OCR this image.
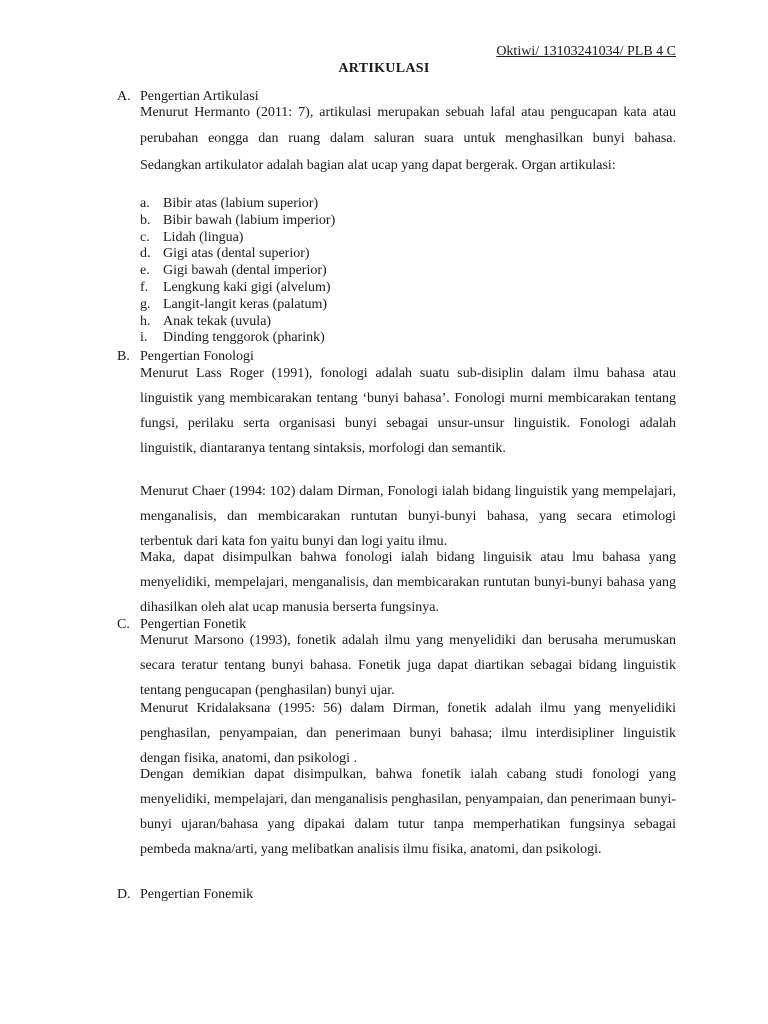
Oktiwi/ 13103241034/ PLB 4 C
ARTIKULASI
A. Pengertian Artikulasi
Menurut Hermanto (2011: 7), artikulasi merupakan sebuah lafal atau pengucapan kata atau perubahan eongga dan ruang dalam saluran suara untuk menghasilkan bunyi bahasa. Sedangkan artikulator adalah bagian alat ucap yang dapat bergerak. Organ artikulasi:
a. Bibir atas (labium superior)
b. Bibir bawah (labium imperior)
c. Lidah (lingua)
d. Gigi atas (dental superior)
e. Gigi bawah (dental imperior)
f. Lengkung kaki gigi (alvelum)
g. Langit-langit keras (palatum)
h. Anak tekak (uvula)
i. Dinding tenggorok (pharink)
B. Pengertian Fonologi
Menurut Lass Roger (1991), fonologi adalah suatu sub-disiplin dalam ilmu bahasa atau linguistik yang membicarakan tentang ‘bunyi bahasa’. Fonologi murni membicarakan tentang fungsi, perilaku serta organisasi bunyi sebagai unsur-unsur linguistik. Fonologi adalah linguistik, diantaranya tentang sintaksis, morfologi dan semantik.
Menurut Chaer (1994: 102) dalam Dirman, Fonologi ialah bidang linguistik yang mempelajari, menganalisis, dan membicarakan runtutan bunyi-bunyi bahasa, yang secara etimologi terbentuk dari kata fon yaitu bunyi dan logi yaitu ilmu.
Maka, dapat disimpulkan bahwa fonologi ialah bidang linguisik atau lmu bahasa yang menyelidiki, mempelajari, menganalisis, dan membicarakan runtutan bunyi-bunyi bahasa yang dihasilkan oleh alat ucap manusia berserta fungsinya.
C. Pengertian Fonetik
Menurut Marsono (1993), fonetik adalah ilmu yang menyelidiki dan berusaha merumuskan secara teratur tentang bunyi bahasa. Fonetik juga dapat diartikan sebagai bidang linguistik tentang pengucapan (penghasilan) bunyi ujar.
Menurut Kridalaksana (1995: 56) dalam Dirman, fonetik adalah ilmu yang menyelidiki penghasilan, penyampaian, dan penerimaan bunyi bahasa; ilmu interdisipliner linguistik dengan fisika, anatomi, dan psikologi .
Dengan demikian dapat disimpulkan, bahwa fonetik ialah cabang studi fonologi yang menyelidiki, mempelajari, dan menganalisis penghasilan, penyampaian, dan penerimaan bunyi-bunyi ujaran/bahasa yang dipakai dalam tutur tanpa memperhatikan fungsinya sebagai pembeda makna/arti, yang melibatkan analisis ilmu fisika, anatomi, dan psikologi.
D. Pengertian Fonemik
